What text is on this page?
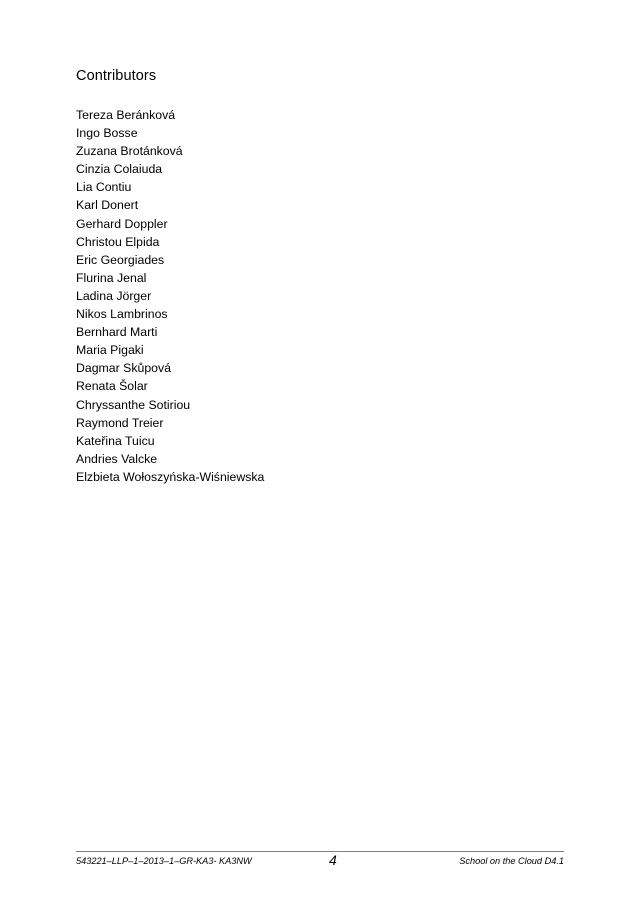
Contributors
Tereza Beránková
Ingo Bosse
Zuzana Brotánková
Cinzia Colaiuda
Lia Contiu
Karl Donert
Gerhard Doppler
Christou Elpida
Eric Georgiades
Flurina Jenal
Ladina Jörger
Nikos Lambrinos
Bernhard Marti
Maria Pigaki
Dagmar Skůpová
Renata Šolar
Chryssanthe Sotiriou
Raymond Treier
Kateřina Tuicu
Andries Valcke
Elzbieta Wołoszyńska-Wiśniewska
543221–LLP–1–2013–1–GR-KA3- KA3NW	4	School on the Cloud D4.1
